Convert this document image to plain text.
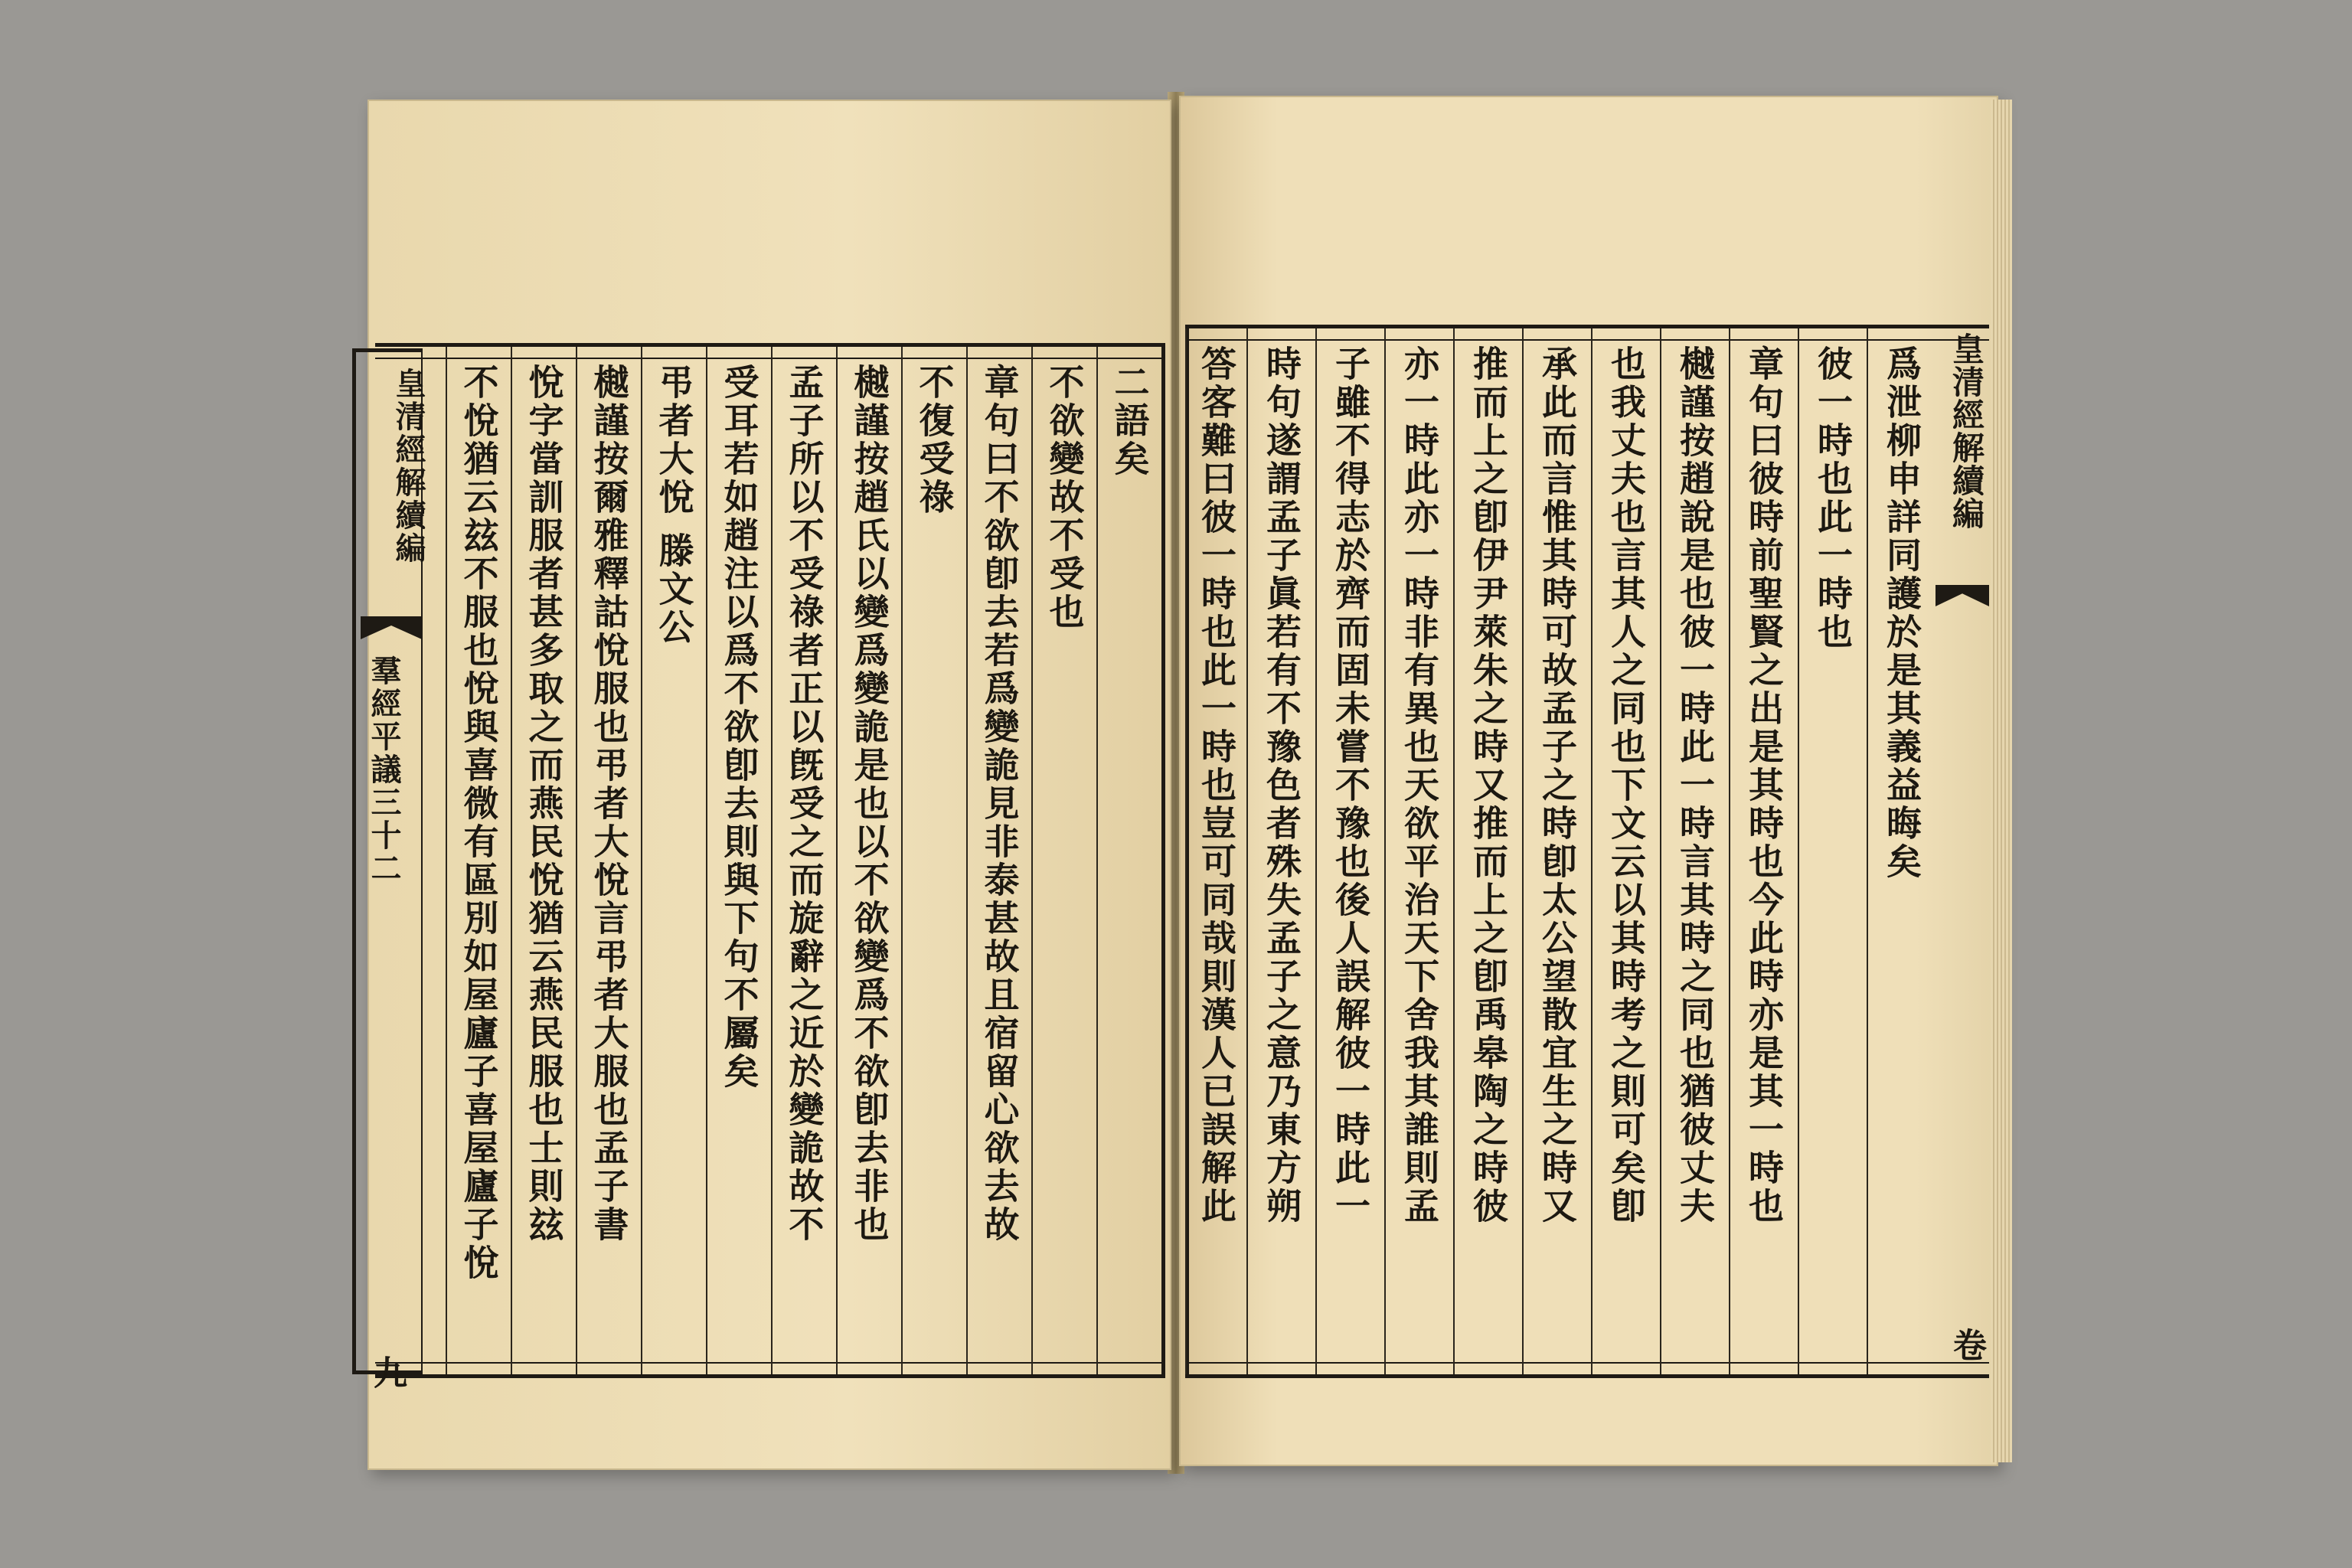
二語矣
不欲變故不受也
章句曰不欲卽去若爲變詭見非泰甚故且宿留心欲去故
不復受祿
樾謹按趙氏以變爲變詭是也以不欲變爲不欲卽去非也
孟子所以不受祿者正以旣受之而旋辭之近於變詭故不
受耳若如趙注以爲不欲卽去則與下句不屬矣
弔者大悅 滕文公
樾謹按爾雅釋詁悅服也弔者大悅言弔者大服也孟子書
悅字當訓服者甚多取之而燕民悅猶云燕民服也士則玆
不悅猶云玆不服也悅與喜微有區別如屋廬子喜屋廬子悅
皇清經解續編
羣經平議三十二
九
爲泄柳申詳同護於是其義益晦矣
彼一時也此一時也
章句曰彼時前聖賢之出是其時也今此時亦是其一時也
樾謹按趙說是也彼一時此一時言其時之同也猶彼丈夫
也我丈夫也言其人之同也下文云以其時考之則可矣卽
承此而言惟其時可故孟子之時卽太公望散宜生之時又
推而上之卽伊尹萊朱之時又推而上之卽禹皋陶之時彼
亦一時此亦一時非有異也天欲平治天下舍我其誰則孟
子雖不得志於齊而固未嘗不豫也後人誤解彼一時此一
時句遂謂孟子眞若有不豫色者殊失孟子之意乃東方朔
答客難曰彼一時也此一時也豈可同哉則漢人已誤解此	皇清經解續編
卷
